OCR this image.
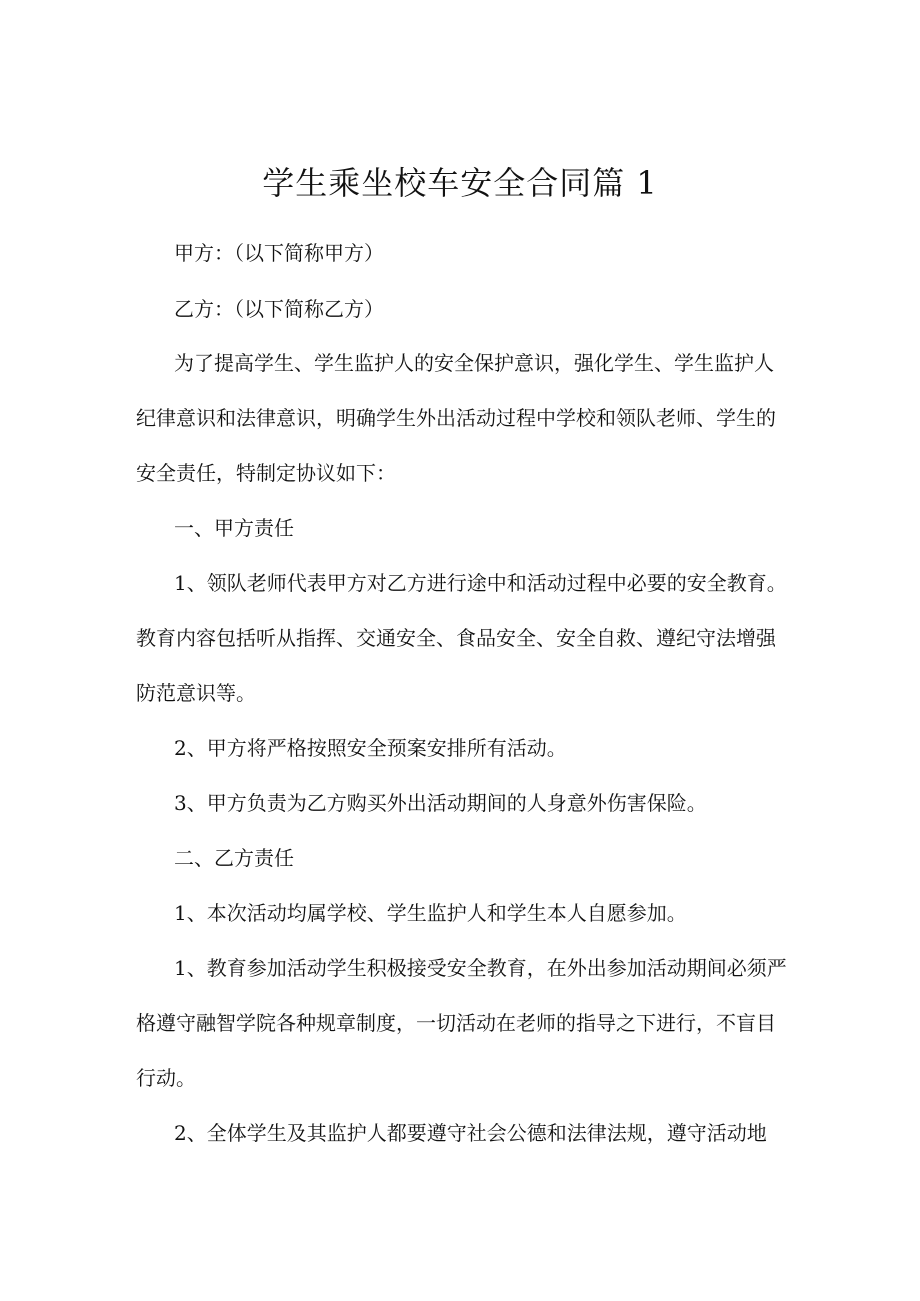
学生乘坐校车安全合同篇 1

甲方：（以下简称甲方）

乙方：（以下简称乙方）

为了提高学生、学生监护人的安全保护意识，强化学生、学生监护人

纪律意识和法律意识，明确学生外出活动过程中学校和领队老师、学生的

安全责任，特制定协议如下：

一、甲方责任

1、领队老师代表甲方对乙方进行途中和活动过程中必要的安全教育。

教育内容包括听从指挥、交通安全、食品安全、安全自救、遵纪守法增强

防范意识等。

2、甲方将严格按照安全预案安排所有活动。

3、甲方负责为乙方购买外出活动期间的人身意外伤害保险。

二、乙方责任

1、本次活动均属学校、学生监护人和学生本人自愿参加。

1、教育参加活动学生积极接受安全教育，在外出参加活动期间必须严

格遵守融智学院各种规章制度，一切活动在老师的指导之下进行，不盲目

行动。

2、全体学生及其监护人都要遵守社会公德和法律法规，遵守活动地
